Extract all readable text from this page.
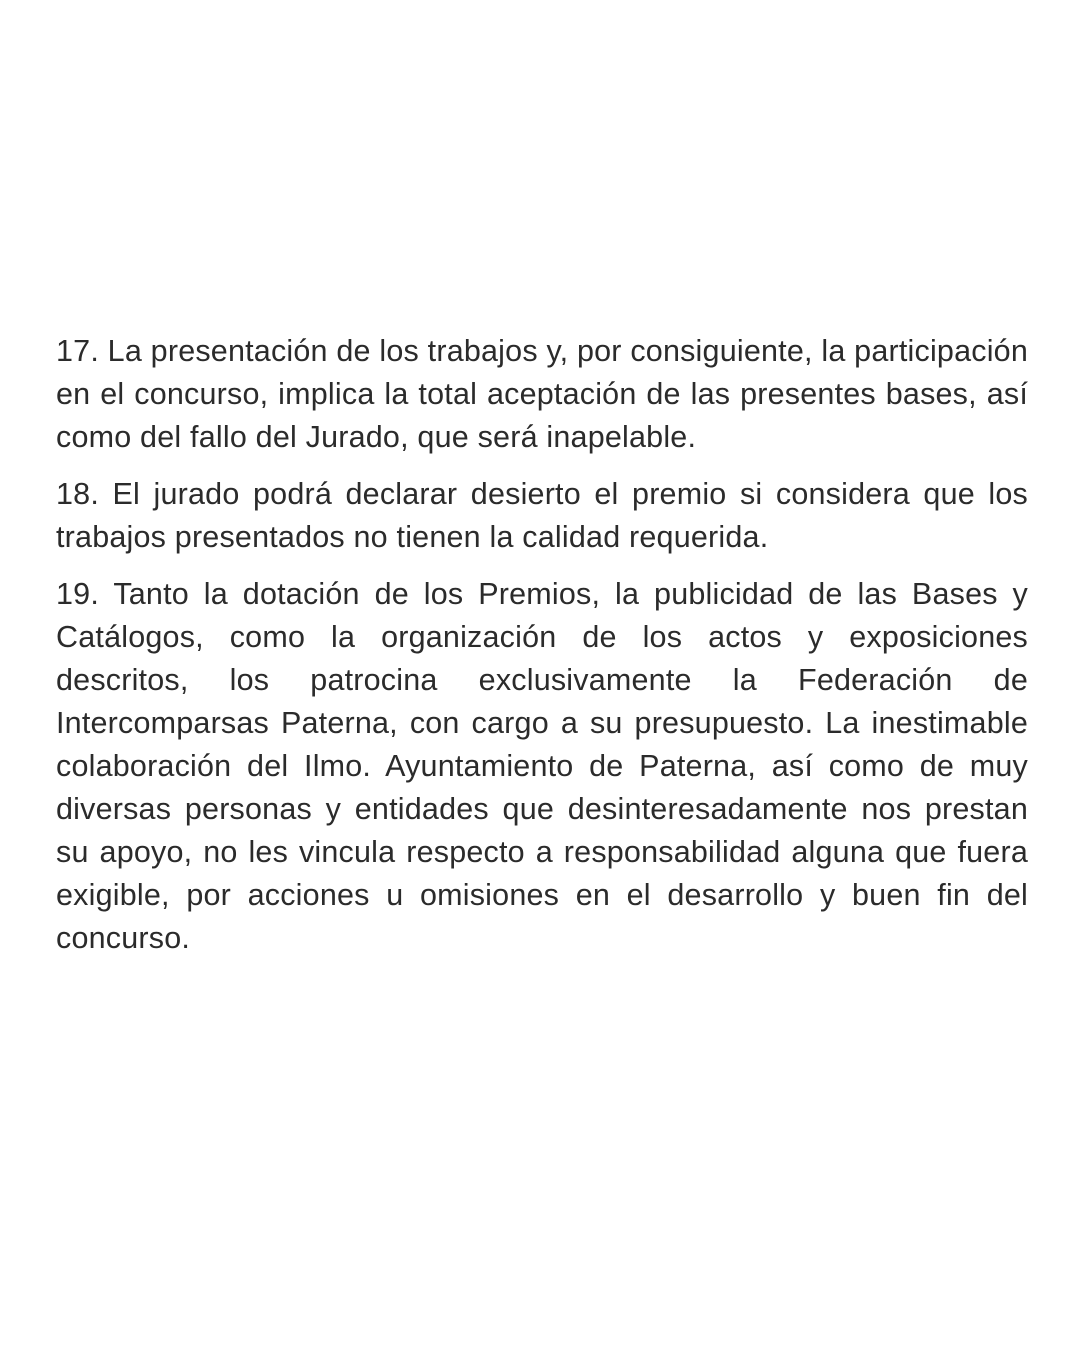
17. La presentación de los trabajos y, por consiguiente, la participación en el concurso, implica la total aceptación de las presentes bases, así como del fallo del Jurado, que será inapelable.

18. El jurado podrá declarar desierto el premio si considera que los trabajos presentados no tienen la calidad requerida.

19. Tanto la dotación de los Premios, la publicidad de las Bases y Catálogos, como la organización de los actos y exposiciones descritos, los patrocina exclusivamente la Federación de Intercomparsas Paterna, con cargo a su presupuesto. La inestimable colaboración del Ilmo. Ayuntamiento de Paterna, así como de muy diversas personas y entidades que desinteresadamente nos prestan su apoyo, no les vincula respecto a responsabilidad alguna que fuera exigible, por acciones u omisiones en el desarrollo y buen fin del concurso.
